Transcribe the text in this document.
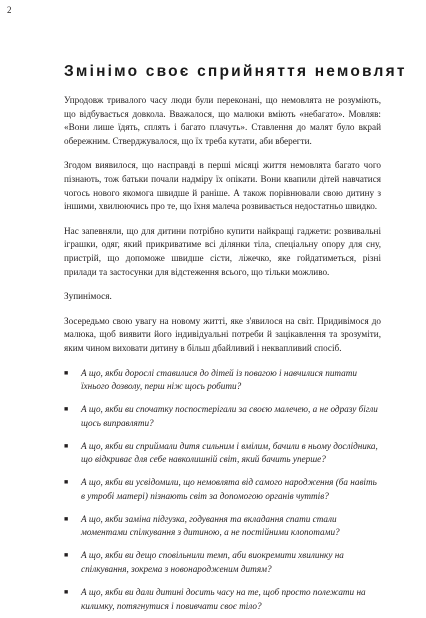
2
Змінімо своє сприйняття немовлят

Упродовж тривалого часу люди були переконані, що немовлята не розуміють, що відбувається довкола. Вважалося, що малюки вміють «небагато». Мовляв: «Вони лише їдять, сплять і багато плачуть». Ставлення до малят було вкрай обережним. Стверджувалося, що їх треба кутати, аби вберегти.

Згодом виявилося, що насправді в перші місяці життя немовлята багато чого пізнають, тож батьки почали надміру їх опікати. Вони квапили дітей навчатися чогось нового якомога швидше й раніше. А також порівнювали свою дитину з іншими, хвилюючись про те, що їхня малеча розвивається недостатньо швидко.

Нас запевняли, що для дитини потрібно купити найкращі гаджети: розвивальні іграшки, одяг, який прикриватиме всі ділянки тіла, спеціальну опору для сну, пристрій, що допоможе швидше сісти, ліжечко, яке гойдатиметься, різні прилади та застосунки для відстеження всього, що тільки можливо.

Зупинімося.

Зосередьмо свою увагу на новому житті, яке з'явилося на світ. Придивімося до малюка, щоб виявити його індивідуальні потреби й зацікавлення та зрозуміти, яким чином виховати дитину в більш дбайливий і неквапливий спосіб.

■ А що, якби дорослі ставилися до дітей із повагою і навчилися питати їхнього дозволу, перш ніж щось робити?
■ А що, якби ви спочатку поспостерігали за своєю малечею, а не одразу бігли щось виправляти?
■ А що, якби ви сприймали дитя сильним і вмілим, бачили в ньому дослідника, що відкриває для себе навколишній світ, який бачить уперше?
■ А що, якби ви усвідомили, що немовлята від самого народження (ба навіть в утробі матері) пізнають світ за допомогою органів чуттів?
■ А що, якби заміна підгузка, годування та вкладання спати стали моментами спілкування з дитиною, а не постійними клопотами?
■ А що, якби ви дещо сповільнили темп, аби виокремити хвилинку на спілкування, зокрема з новонародженим дитям?
■ А що, якби ви дали дитині досить часу на те, щоб просто полежати на килимку, потягнутися і повивчати своє тіло?
